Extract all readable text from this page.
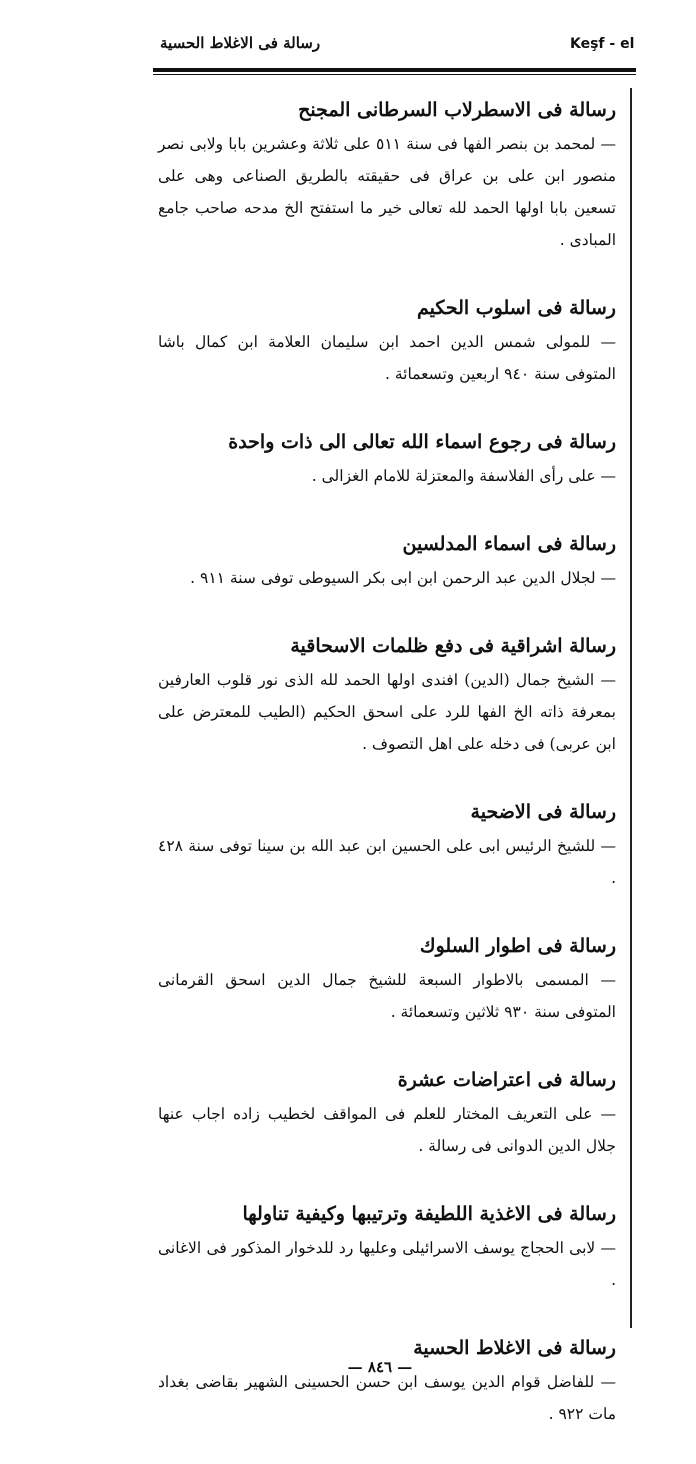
رسالة فى الاغلاط الحسية	Keşf - el
رسالة فى الاسطرلاب السرطانى المجنح
— لمحمد بن بنصر الفها فى سنة ٥١١ على ثلاثة وعشرين بابا ولابى نصر منصور ابن على بن عراق فى حقيقته بالطريق الصناعى وهى على تسعين بابا اولها الحمد لله تعالى خير ما استفتح الخ مدحه صاحب جامع المبادى .
رسالة فى اسلوب الحكيم
— للمولى شمس الدين احمد ابن سليمان العلامة ابن كمال باشا المتوفى سنة ٩٤٠ اربعين وتسعمائة .
رسالة فى رجوع اسماء الله تعالى الى ذات واحدة
— على رأى الفلاسفة والمعتزلة للامام الغزالى .
رسالة فى اسماء المدلسين
— لجلال الدين عبد الرحمن ابن ابى بكر السيوطى توفى سنة ٩١١ .
رسالة اشراقية فى دفع ظلمات الاسحاقية
— الشيخ جمال (الدين) افندى اولها الحمد لله الذى نور قلوب العارفين بمعرفة ذاته الخ الفها للرد على اسحق الحكيم (الطيب للمعترض على ابن عربى) فى دخله على اهل التصوف .
رسالة فى الاضحية
— للشيخ الرئيس ابى على الحسين ابن عبد الله بن سينا توفى سنة ٤٢٨ .
رسالة فى اطوار السلوك
— المسمى بالاطوار السبعة للشيخ جمال الدين اسحق القرمانى المتوفى سنة ٩٣٠ ثلاثين وتسعمائة .
رسالة فى اعتراضات عشرة
— على التعريف المختار للعلم فى المواقف لخطيب زاده اجاب عنها جلال الدين الدوانى فى رسالة .
رسالة فى الاغذية اللطيفة وترتيبها وكيفية تناولها
— لابى الحجاج يوسف الاسرائيلى وعليها رد للدخوار المذكور فى الاغانى .
رسالة فى الاغلاط الحسية
— للفاضل قوام الدين يوسف ابن حسن الحسينى الشهير بقاضى بغداد مات ٩٢٢ .
— ٨٤٦ —
